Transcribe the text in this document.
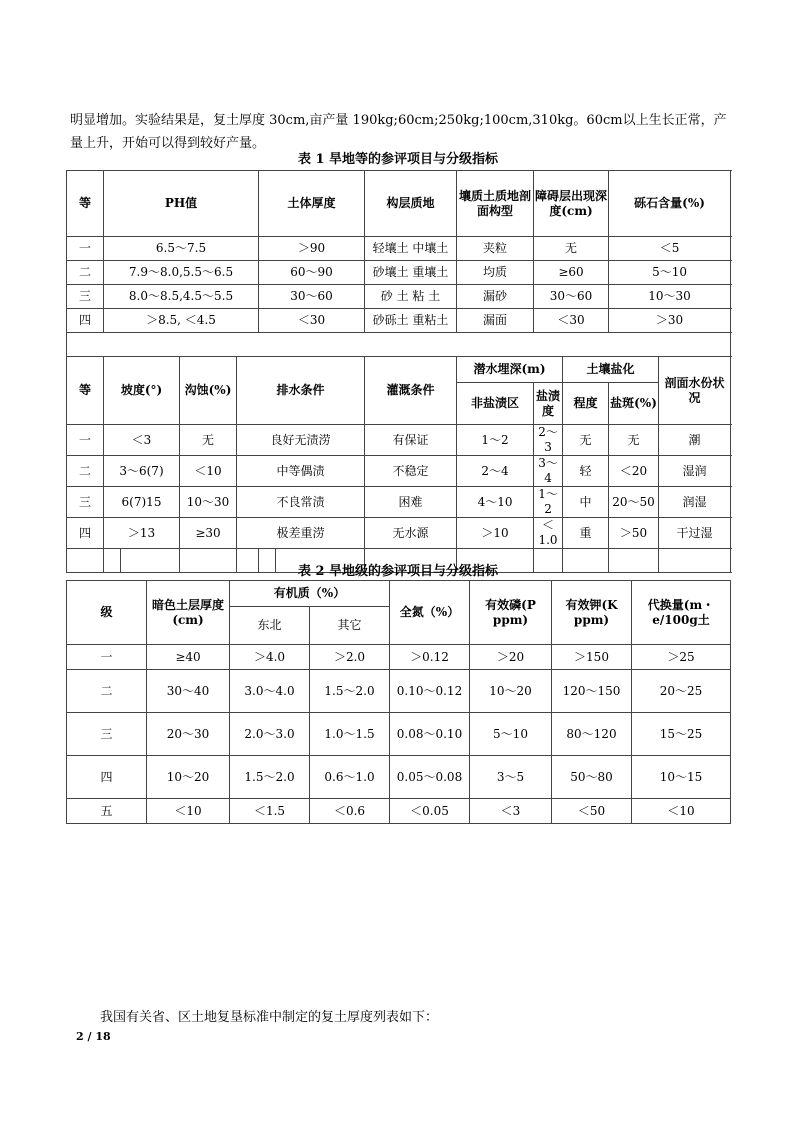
明显增加。实验结果是，复土厚度 30cm,亩产量 190kg;60cm;250kg;100cm,310kg。60cm以上生长正常，产量上升，开始可以得到较好产量。

表 1 旱地等的参评项目与分级指标
等	PH值				土体厚度		构层质地	壤质土质地剖面构型	障碍层出现深度(cm)		砾石含量(%)	
一	6.5～7.5				＞90		轻壤土 中壤土	夹粒	无		＜5	
二	7.9～8.0,5.5～6.5				60～90		砂壤土 重壤土	均质	≥60		5～10	
三	8.0～8.5,4.5～5.5				30～60		砂 土 粘 土	漏砂	30～60		10～30	
四	＞8.5, ＜4.5				＜30		砂砾土 重粘土	漏面	＜30		＞30	

等	坡度(°)		沟蚀(%)	排水条件			灌溉条件	潜水埋深(m)		土壤盐化		剖面水份状况
								非盐渍区	盐渍度	程度	盐斑(%)	
一	＜3		无	良好无渍涝			有保证	1～2	2～3	无	无	潮
二	3～6(7)		＜10	中等偶渍			不稳定	2～4	3～4	轻	＜20	湿润
三	6(7)15		10～30	不良常渍			困难	4～10	1～2	中	20～50	润湿
四	＞13		≥30	极差重涝			无水源	＞10	＜1.0	重	＞50	干过湿

表 2 旱地级的参评项目与分级指标
级	暗色土层厚度(cm)	有机质（%）		全氮（%）	有效磷(P ppm)	有效钾(K ppm)	代换量(m・e/100g土
		东北	其它				
一	≥40	＞4.0	＞2.0	＞0.12	＞20	＞150	＞25
二	30～40	3.0～4.0	1.5～2.0	0.10～0.12	10～20	120～150	20～25
三	20～30	2.0～3.0	1.0～1.5	0.08～0.10	5～10	80～120	15～25
四	10～20	1.5～2.0	0.6～1.0	0.05～0.08	3～5	50～80	10～15
五	＜10	＜1.5	＜0.6	＜0.05	＜3	＜50	＜10

我国有关省、区土地复垦标准中制定的复土厚度列表如下：

2 / 18
